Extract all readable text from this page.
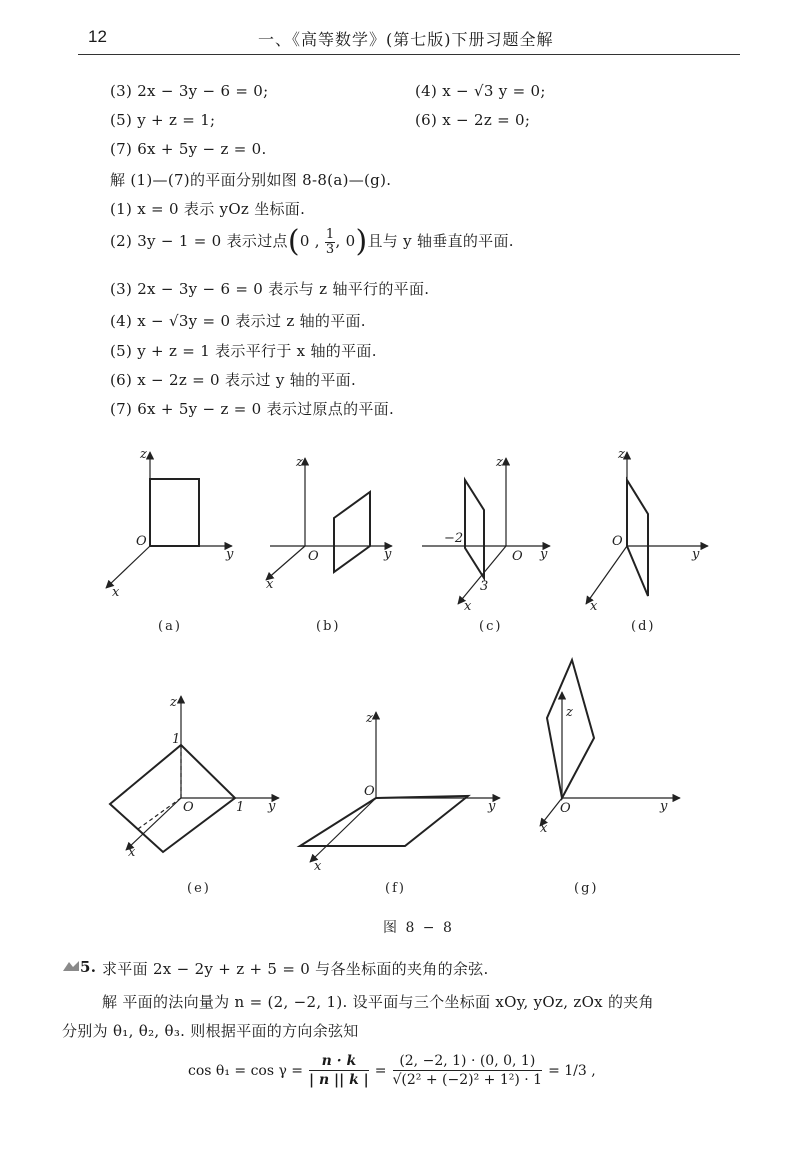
12	一、《高等数学》(第七版)下册习题全解
(3) 2x − 3y − 6 = 0;	(4) x − √3 y = 0;
(5) y + z = 1;	(6) x − 2z = 0;
(7) 6x + 5y − z = 0.
解 (1)—(7)的平面分别如图 8-8(a)—(g).
(1) x = 0 表示 yOz 坐标面.
(2) 3y − 1 = 0 表示过点(0 , $\frac{1}{3}$ , 0)且与 y 轴垂直的平面.
(3) 2x − 3y − 6 = 0 表示与 z 轴平行的平面.
(4) x − √3y = 0 表示过 z 轴的平面.
(5) y + z = 1 表示平行于 x 轴的平面.
(6) x − 2z = 0 表示过 y 轴的平面.
(7) 6x + 5y − z = 0 表示过原点的平面.
z
y
x
O
z
y
x
O
z
y
x
O
−2
3
z
y
x
O
z
y
x
O
1
1
z
y
x
O
z
y
x
O
(a)	(b)	(c)	(d)
(e)	(f)	(g)
图 8 − 8
5. 求平面 2x − 2y + z + 5 = 0 与各坐标面的夹角的余弦.
解 平面的法向量为 n = (2, −2, 1). 设平面与三个坐标面 xOy, yOz, zOx 的夹角
分别为 θ₁, θ₂, θ₃. 则根据平面的方向余弦知
$\cos \theta_1 = \cos \gamma = \frac{n \cdot k}{| n || k |} = \frac{(2, -2, 1) \cdot (0, 0, 1)}{\text{√(2² + (−2)² + 1²) · 1}} = 1/3$ ,
